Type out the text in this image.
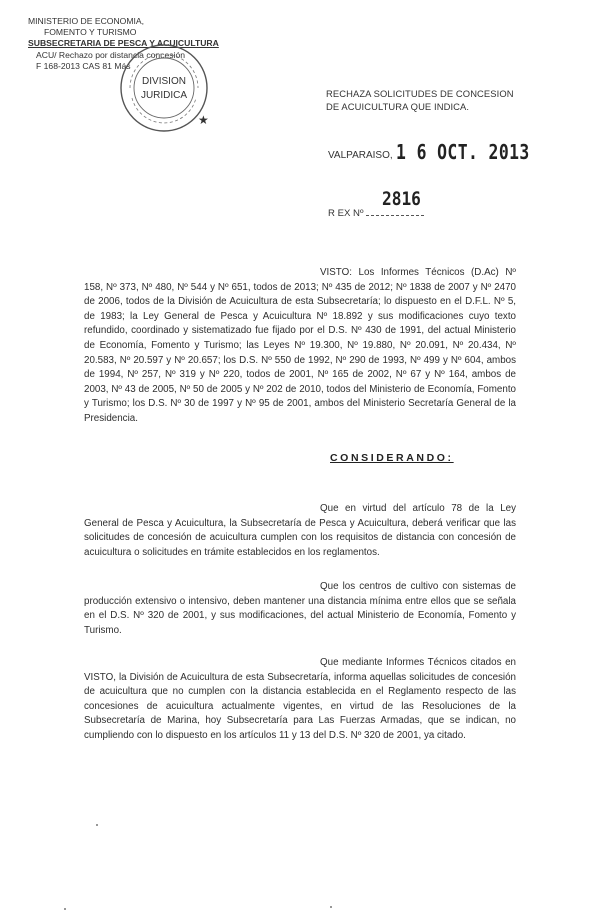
MINISTERIO DE ECONOMIA,
FOMENTO Y TURISMO
SUBSECRETARIA DE PESCA Y ACUICULTURA
ACU/ Rechazo por distancia concesión
F 168-2013 CAS 81 Más
DIVISION
JURIDICA
★
RECHAZA SOLICITUDES DE CONCESION DE ACUICULTURA QUE INDICA.
VALPARAISO, 1 6 OCT. 2013
2816
R EX Nº

VISTO: Los Informes Técnicos (D.Ac) Nº 158, Nº 373, Nº 480, Nº 544 y Nº 651, todos de 2013; Nº 435 de 2012; Nº 1838 de 2007 y Nº 2470 de 2006, todos de la División de Acuicultura de esta Subsecretaría; lo dispuesto en el D.F.L. Nº 5, de 1983; la Ley General de Pesca y Acuicultura Nº 18.892 y sus modificaciones cuyo texto refundido, coordinado y sistematizado fue fijado por el D.S. Nº 430 de 1991, del actual Ministerio de Economía, Fomento y Turismo; las Leyes Nº 19.300, Nº 19.880, Nº 20.091, Nº 20.434, Nº 20.583, Nº 20.597 y Nº 20.657; los D.S. Nº 550 de 1992, Nº 290 de 1993, Nº 499 y Nº 604, ambos de 1994, Nº 257, Nº 319 y Nº 220, todos de 2001, Nº 165 de 2002, Nº 67 y Nº 164, ambos de 2003, Nº 43 de 2005, Nº 50 de 2005 y Nº 202 de 2010, todos del Ministerio de Economía, Fomento y Turismo; los D.S. Nº 30 de 1997 y Nº 95 de 2001, ambos del Ministerio Secretaría General de la Presidencia.

CONSIDERANDO:

Que en virtud del artículo 78 de la Ley General de Pesca y Acuicultura, la Subsecretaría de Pesca y Acuicultura, deberá verificar que las solicitudes de concesión de acuicultura cumplen con los requisitos de distancia con concesión de acuicultura o solicitudes en trámite establecidos en los reglamentos.

Que los centros de cultivo con sistemas de producción extensivo o intensivo, deben mantener una distancia mínima entre ellos que se señala en el D.S. Nº 320 de 2001, y sus modificaciones, del actual Ministerio de Economía, Fomento y Turismo.

Que mediante Informes Técnicos citados en VISTO, la División de Acuicultura de esta Subsecretaría, informa aquellas solicitudes de concesión de acuicultura que no cumplen con la distancia establecida en el Reglamento respecto de las concesiones de acuicultura actualmente vigentes, en virtud de las Resoluciones de la Subsecretaría de Marina, hoy Subsecretaría para Las Fuerzas Armadas, que se indican, no cumpliendo con lo dispuesto en los artículos 11 y 13 del D.S. Nº 320 de 2001, ya citado.
